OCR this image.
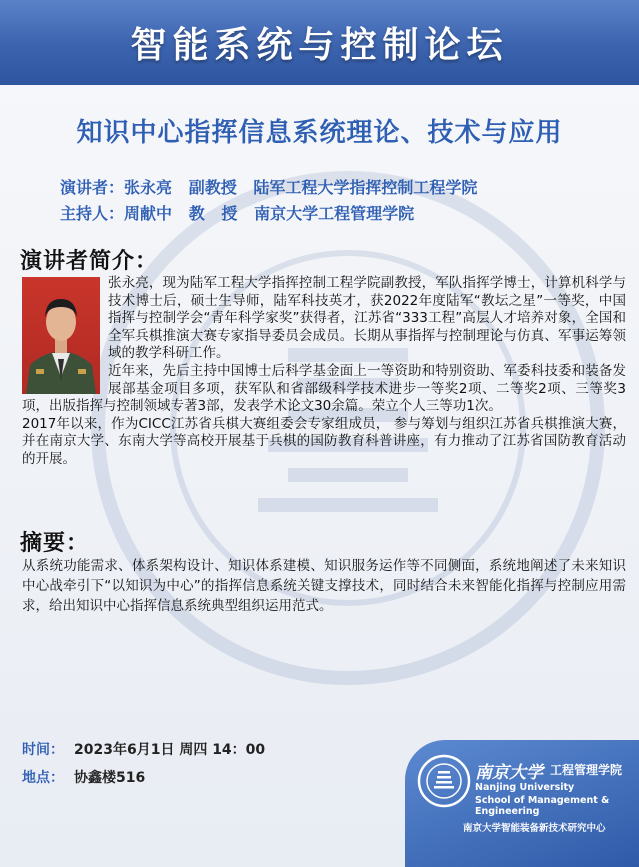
智能系统与控制论坛
知识中心指挥信息系统理论、技术与应用
演讲者：张永亮   副教授   陆军工程大学指挥控制工程学院
主持人：周献中   教   授   南京大学工程管理学院
演讲者简介：

张永亮，现为陆军工程大学指挥控制工程学院副教授，军队指挥学博士，计算机科学与技术博士后，硕士生导师，陆军科技英才，获2022年度陆军“教坛之星”一等奖，中国指挥与控制学会“青年科学家奖”获得者，江苏省“333工程”高层人才培养对象，全国和全军兵棋推演大赛专家指导委员会成员。长期从事指挥与控制理论与仿真、军事运筹领域的教学科研工作。

近年来，先后主持中国博士后科学基金面上一等资助和特别资助、军委科技委和装备发展部基金项目多项，获军队和省部级科学技术进步一等奖2项、二等奖2项、三等奖3项，出版指挥与控制领域专著3部，发表学术论文30余篇。荣立个人三等功1次。

2017年以来，作为CICC江苏省兵棋大赛组委会专家组成员， 参与筹划与组织江苏省兵棋推演大赛，并在南京大学、东南大学等高校开展基于兵棋的国防教育科普讲座，有力推动了江苏省国防教育活动的开展。

摘要：
从系统功能需求、体系架构设计、知识体系建模、知识服务运作等不同侧面，系统地阐述了未来知识中心战牵引下“以知识为中心”的指挥信息系统关键支撑技术，同时结合未来智能化指挥与控制应用需求，给出知识中心指挥信息系统典型组织运用范式。
时间： 2023年6月1日 周四 14：00
地点： 协鑫楼516	南京大学 工程管理学院
Nanjing University
School of Management & Engineering
南京大学智能装备新技术研究中心
